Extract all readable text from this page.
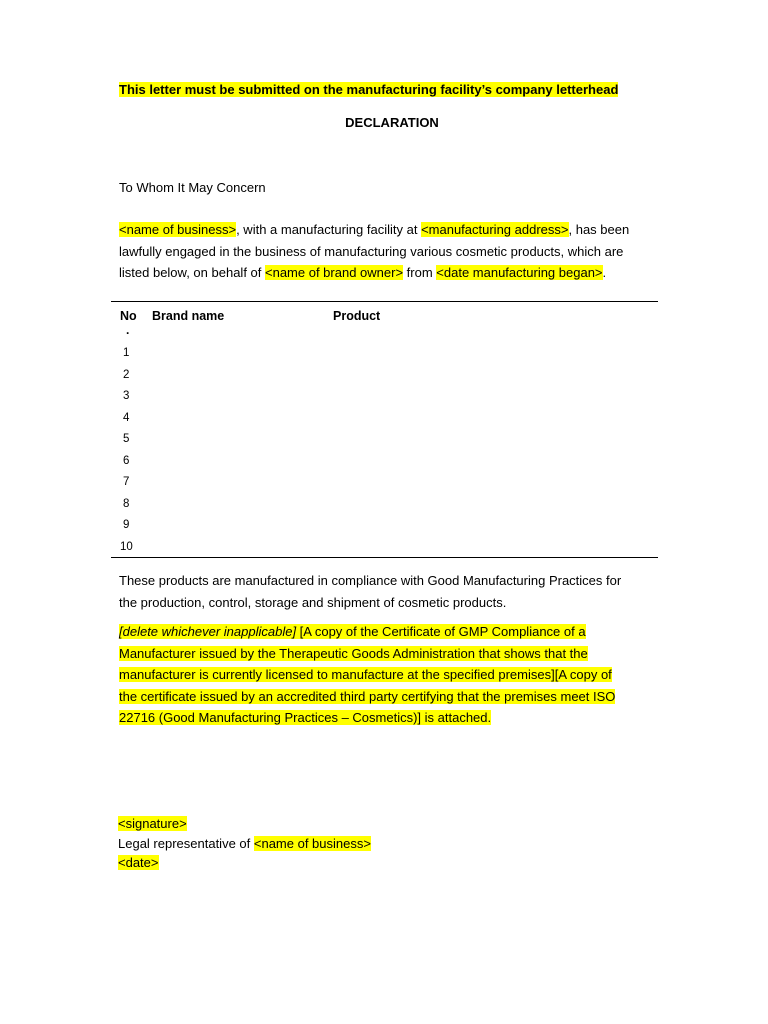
This letter must be submitted on the manufacturing facility’s company letterhead
DECLARATION
To Whom It May Concern
<name of business>, with a manufacturing facility at <manufacturing address>, has been
lawfully engaged in the business of manufacturing various cosmetic products, which are
listed below, on behalf of <name of brand owner> from <date manufacturing began>.
No
.
Brand name	Product
1
2
3
4
5
6
7
8
9
10
These products are manufactured in compliance with Good Manufacturing Practices for
the production, control, storage and shipment of cosmetic products.
[delete whichever inapplicable] [A copy of the Certificate of GMP Compliance of a
Manufacturer issued by the Therapeutic Goods Administration that shows that the
manufacturer is currently licensed to manufacture at the specified premises][A copy of
the certificate issued by an accredited third party certifying that the premises meet ISO
22716 (Good Manufacturing Practices – Cosmetics)] is attached.
<signature>
Legal representative of <name of business>
<date>
